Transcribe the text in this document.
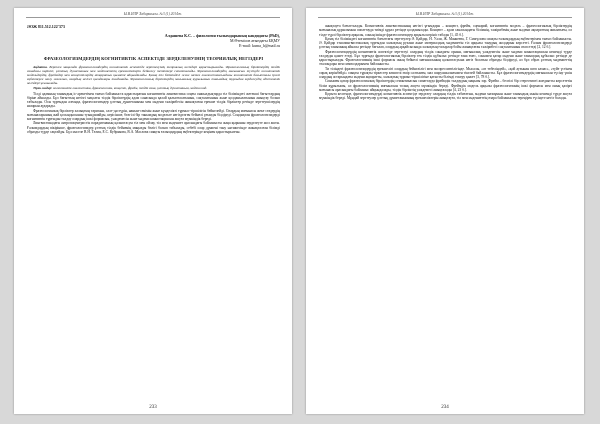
Ы.В.ИЛР Хабаршысы. №3 (1) 2014ж.
ӘОЖ 811.512.122'373
Алдашева К.С. – филология ғылымдарының кандидаты (PhD),
М.Өтемісов атындағы БҚМУ
E-mail: kuma_h@mail.ru
ФРАЗЕОЛОГИЗМДЕРДІҢ КОГНИТИВТІК АСПЕКТІДЕ ЗЕРДЕЛЕНУІНІҢ ТЕОРИЯЛЫҚ НЕГІЗДЕРІ
Аңдатпа. Берілген мақалада фразеологизмдердің когнитивтік аспектіде зерттелуінің теориялық негіздері қарастырылады. Фразеологиялық бірліктердің тілдік санадағы көрінісі, ұлттық дүниетаным мен мәдениеттің ерекшеліктерін бейнелеу тетіктері сипатталады. Фразеологизмдердің мағынасын түсінуде когнитивтік модельдердің, фреймдер мен концептілердің атқаратын қызметі айқындалады. Қазақ тіл біліміндегі және шетел лингвистикасындағы когнитивтік бағыттағы іргелі еңбектерге шолу жасалып, олардың негізгі қағидалары талданады. Фразеологиялық бірліктердің мағыналық құрылымын танымдық тұрғыдан зерделеудің әдістемелік негіздері ұсынылады.
Тірек сөздер: когнитивтік лингвистика, фразеологизм, концепт, фрейм, тілдік сана, ұлттық дүниетаным, мәдени код.

Тілді адамның танымдық іс-әрекетімен тығыз байланыста қарастыратын когнитивтік лингвистика соңғы онжылдықтарда тіл біліміндегі жетекші бағыттардың біріне айналды. Бұл бағыттың негізгі мақсаты тілдік бірліктердің адам санасында қалай қалыптасатынын, сақталатынын және қолданылатынын анықтау болып табылады. Осы тұрғыдан алғанда, фразеологизмдер ұлттың дүниетанымы мен мәдени тәжірибесін жинақтаған ерекше тілдік бірліктер ретінде зерттеушілердің назарын аударады.

Фразеологиялық бірліктер халықтың тарихын, салт-дәстүрін, наным-сенімін және күнделікті тұрмыс-тіршілігін бейнелейді. Олардың мағынасы жеке сөздердің мағыналарының жай қосындысынан туындамайды, керісінше, белгілі бір танымдық модельге негізделген бейнелі ұғымды білдіреді. Сондықтан фразеологизмдерді когнитивтік тұрғыдан талдау олардың ішкі формасын, уәждемесін және мәдени коннотациясын ашуға мүмкіндік береді.

Лингвистикадағы антропоцентристік парадигманың қалыптасуы тіл мен ойлау, тіл мен мәдениет арасындағы байланысты жаңа қырынан зерделеуге жол ашты. Ғалымдардың пікірінше, фразеологизмдер ұлттық тілдік бейненің маңызды бөлігі болып табылады, себебі олар дүниені тану нәтижесінде жинақталған білімді образды түрде сақтайды. Бұл мәселе В.Н. Телия, Е.С. Кубрякова, В.А. Маслова сияқты ғалымдардың еңбектерінде кеңінен қарастырылған.

233
Ы.В.ИЛР Хабаршысы. №3 (1) 2014ж.

анықтауға бағытталады. Когнитивтік лингвистиканың негізгі ұғымдары – концепт, фрейм, сценарий, когнитивтік модель – фразеологиялық бірліктердің мағыналық құрылымын сипаттауда тиімді құрал ретінде қолданылады. Концепт – адам санасындағы білімнің, тәжірибенің және мәдени ақпараттың жиынтығы, ол тілде түрлі бірліктер арқылы, соның ішінде фразеологизмдер арқылы көрініс табады [1, 45 б.].

Қазақ тіл біліміндегі когнитивтік бағыттағы зерттеулер Ә. Қайдар, Н. Уәли, Ж. Манкеева, Г. Смағұлова сияқты ғалымдардың еңбектерімен тығыз байланысты. Ә. Қайдар этнолингвистикалық тұрғыдан халықтың рухани және материалдық мәдениетін тіл арқылы танудың жолдарын көрсетті. Ғалым фразеологизмдерді ұлттық танымның айнасы ретінде бағалап, олардың әрқайсысында халықтың ғасырлар бойы жинақтаған тәжірибесі сақталатынын атап өтеді [2, 12 б.].

Фразеологизмдердің когнитивтік аспектіде зерттелуі олардың тілдік санадағы орнын, мағыналық уәждемесін және мәдени коннотациясын кешенді түрде талдауды қажет етеді. Бұл тұрғыда фразеологиялық бірліктер тек тілдік құбылыс ретінде ғана емес, сонымен қатар мәдени және танымдық құбылыс ретінде де қарастырылады. Фразеологизмнің ішкі формасы оның бейнелі мағынасының қалыптасуына негіз болатын образды білдіреді, ал бұл образ ұлттық мәдениеттің эталондары мен символдарымен байланысты.

Ти тіліндегі фразеологизмдердің ерекшелігі олардың бейнелілігі мен экспрессивтілігінде. Мысалы, «ат төбеліндей», «қой аузынан шөп алмас», «түйе үстінен сирақ көрінбейді» сияқты тұрақты тіркестер көшпелі өмір салтымен, мал шаруашылығымен тікелей байланысты. Бұл фразеологизмдердің мағынасын түсіну үшін олардың астарындағы мәдени ақпаратты, халықтың тұрмыс-тіршілігіне қатысты білімді ескеру қажет [3, 78 б.].

Сонымен қатар фразеологиялық бірліктердің семантикасын сипаттауда фреймдік талдаудың маңызы зор. Фрейм – белгілі бір стереотипті жағдаятты көрсететін білім құрылымы, ол фразеологизмнің мағынасын толық ашуға мүмкіндік береді. Фреймдік модель арқылы фразеологизмнің ішкі формасы мен оның қазіргі мағынасы арасындағы байланыс айқындалады, тілдік бірліктің уәждемесі анықталады [4, 23 б.].

Қорыта келгенде, фразеологизмдерді когнитивтік аспектіде зерделеу олардың тілдік табиғатын, мәдени мазмұнын және танымдық мәнін кешенді түрде ашуға мүмкіндік береді. Мұндай зерттеулер ұлттық дүниетанымның ерекшеліктерін анықтауға, тіл мен мәдениеттің өзара байланысын тереңірек түсінуге негіз болады.

234
